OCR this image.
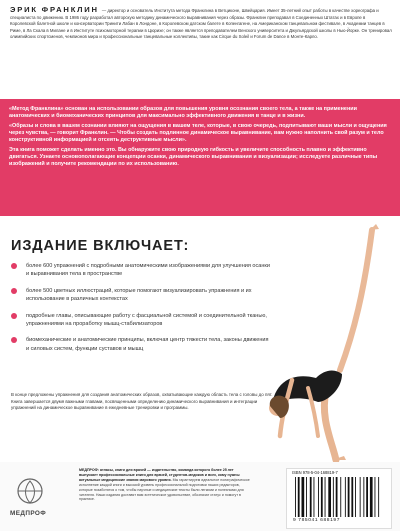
ЭРИК ФРАНКЛИН — директор и основатель Института метода Франклина в Ветциконе, Швейцария. Имеет 35-летний опыт работы в качестве хореографа и специалиста по движению. В 1986 году разработал авторскую методику динамического выравнивания через образы. Франклин преподавал в Соединенных Штатах и в Европе в Королевской балетной школе и консерватории Тринити Лабан в Лондоне, в Королевском датском балете в Копенгагене, на Американском танцевальном фестивале, в Академии танцев в Риме, в Ла Скала в Милане и в Институте психомоторной терапии в Цюрихе; он также является преподавателем Венского университета и Джульярдской школы в Нью-Йорке. Он тренировал олимпийских спортсменов, чемпионов мира и профессиональные танцевальные коллективы, такие как Cirque du Soleil и Forum de Dance в Монте-Карло.

«Метод Франклина» основан на использовании образов для повышения уровня осознания своего тела, а также на применении анатомических и биомеханических принципов для максимально эффективного движения в танце и в жизни.

«Образы и слова в вашем сознании влияют на ощущения в вашем теле, которые, в свою очередь, подпитывают ваши мысли и ощущения через чувства, — говорит Франклин. — Чтобы создать подлинное динамическое выравнивание, вам нужно наполнить свой разум и тело конструктивной информацией и отсеять деструктивные мысли».

Эта книга поможет сделать именно это. Вы обнаружите свою природную гибкость и увеличите способность плавно и эффективно двигаться. Узнаете основополагающие концепции осанки, динамического выравнивания и визуализации; исследуете различные типы изображений и получите рекомендации по их использованию.

ИЗДАНИЕ ВКЛЮЧАЕТ:
более 600 упражнений с подробными анатомическими изображениями для улучшения осанки и выравнивания тела в пространстве
более 500 цветных иллюстраций, которые помогают визуализировать упражнения и их использование в различных контекстах
подробные главы, описывающие работу с фасциальной системой и соединительной тканью, упражнениями на проработку мышц-стабилизаторов
биомеханические и анатомические принципы, включая центр тяжести тела, законы движения и силовых систем, функции суставов и мышц
В конце предложены упражнения для создания анатомических образов, охватывающие каждую область тела с головы до пят. Книга завершается двумя важными главами, посвященными определению динамического выравнивания и интеграции упражнений на динамическое выравнивание в ежедневные тренировки и программы.
МЕДПРОФ
МЕДПРОФ: атласы, книги для врачей — издательство, команда которого более 25 лет выпускает профессиональные книги для врачей, студентов-медиков и всех, кому нужны актуальные медицинские знания мирового уровня. Мы гарантируем идеальное полиграфическое исполнение каждой книги и высокий уровень профессиональной подготовки наших редакторов, которые позаботятся о том, чтобы научные и медицинские тексты были легкими и полезными для читателя. Наши издания доставят вам эстетическое удовольствие, обозначат статус и помогут в практике.
ISBN 978-5-04-168819-7
9 785041 688197
